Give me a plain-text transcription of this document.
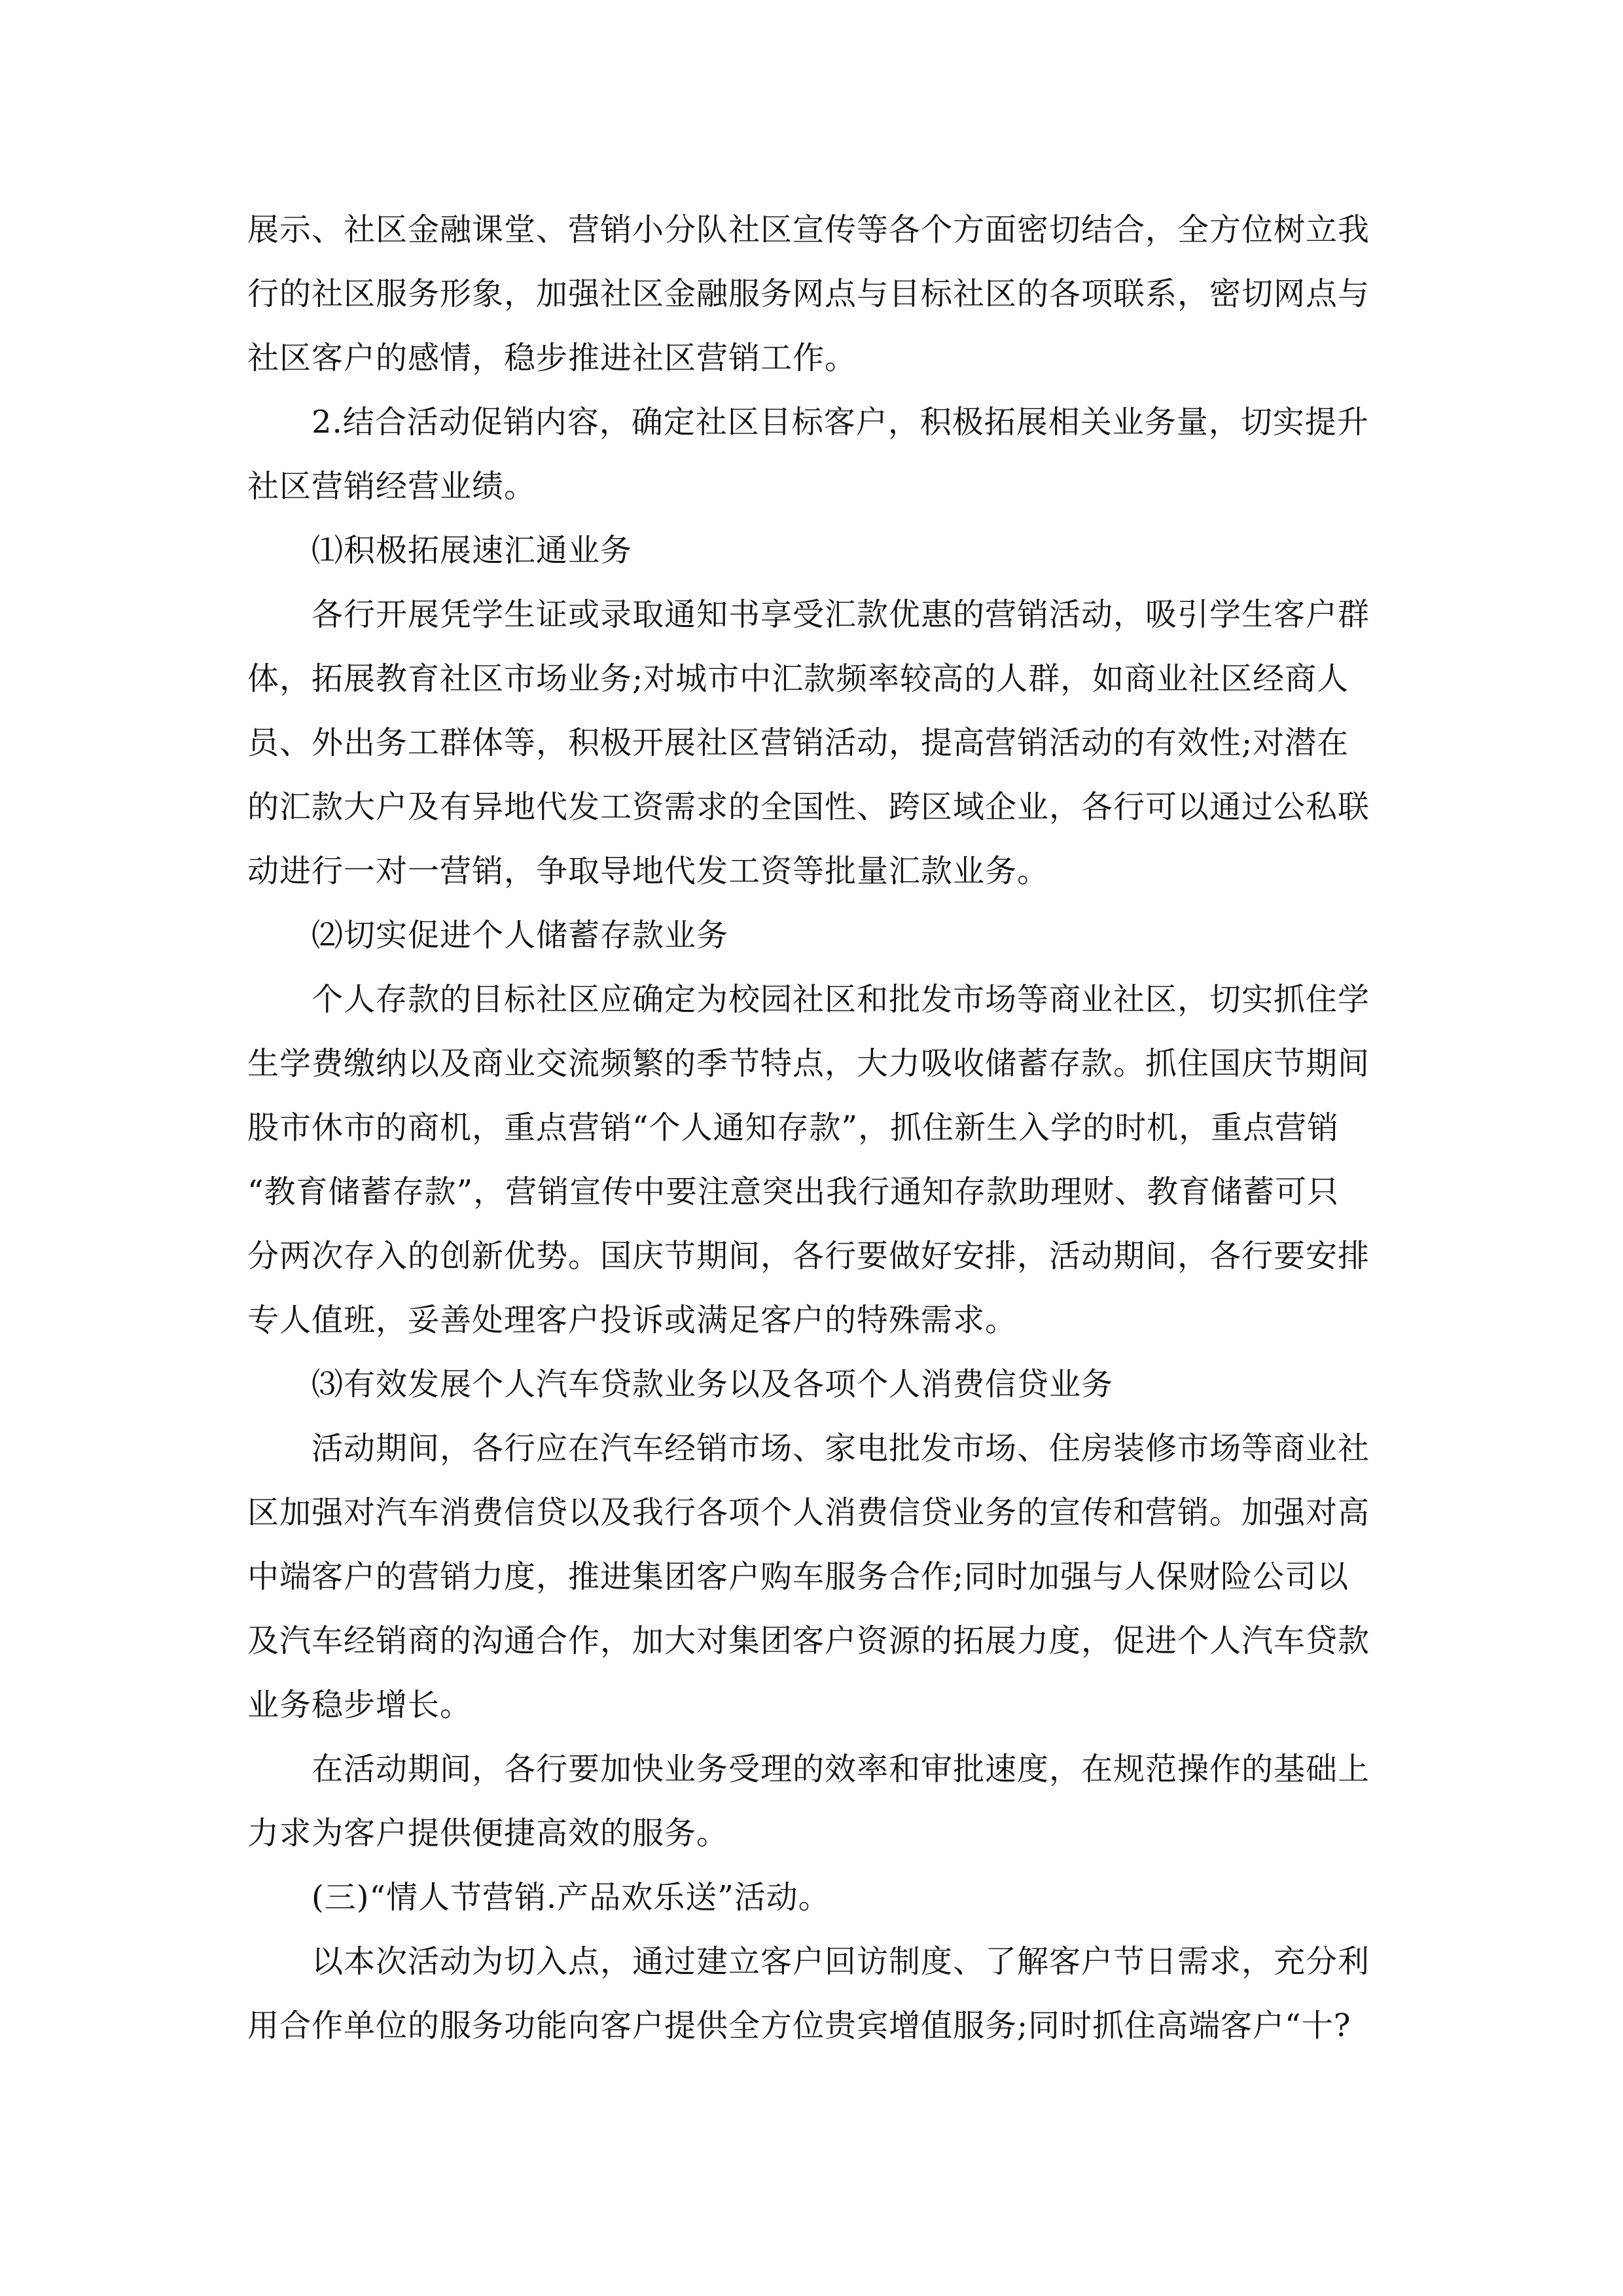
展示、社区金融课堂、营销小分队社区宣传等各个方面密切结合，全方位树立我
行的社区服务形象，加强社区金融服务网点与目标社区的各项联系，密切网点与
社区客户的感情，稳步推进社区营销工作。
2.结合活动促销内容，确定社区目标客户，积极拓展相关业务量，切实提升
社区营销经营业绩。
⑴积极拓展速汇通业务
各行开展凭学生证或录取通知书享受汇款优惠的营销活动，吸引学生客户群
体，拓展教育社区市场业务;对城市中汇款频率较高的人群，如商业社区经商人
员、外出务工群体等，积极开展社区营销活动，提高营销活动的有效性;对潜在
的汇款大户及有异地代发工资需求的全国性、跨区域企业，各行可以通过公私联
动进行一对一营销，争取导地代发工资等批量汇款业务。
⑵切实促进个人储蓄存款业务
个人存款的目标社区应确定为校园社区和批发市场等商业社区，切实抓住学
生学费缴纳以及商业交流频繁的季节特点，大力吸收储蓄存款。抓住国庆节期间
股市休市的商机，重点营销“个人通知存款”，抓住新生入学的时机，重点营销
“教育储蓄存款”，营销宣传中要注意突出我行通知存款助理财、教育储蓄可只
分两次存入的创新优势。国庆节期间，各行要做好安排，活动期间，各行要安排
专人值班，妥善处理客户投诉或满足客户的特殊需求。
⑶有效发展个人汽车贷款业务以及各项个人消费信贷业务
活动期间，各行应在汽车经销市场、家电批发市场、住房装修市场等商业社
区加强对汽车消费信贷以及我行各项个人消费信贷业务的宣传和营销。加强对高
中端客户的营销力度，推进集团客户购车服务合作;同时加强与人保财险公司以
及汽车经销商的沟通合作，加大对集团客户资源的拓展力度，促进个人汽车贷款
业务稳步增长。
在活动期间，各行要加快业务受理的效率和审批速度，在规范操作的基础上
力求为客户提供便捷高效的服务。
(三)“情人节营销.产品欢乐送”活动。
以本次活动为切入点，通过建立客户回访制度、了解客户节日需求，充分利
用合作单位的服务功能向客户提供全方位贵宾增值服务;同时抓住高端客户“十?
